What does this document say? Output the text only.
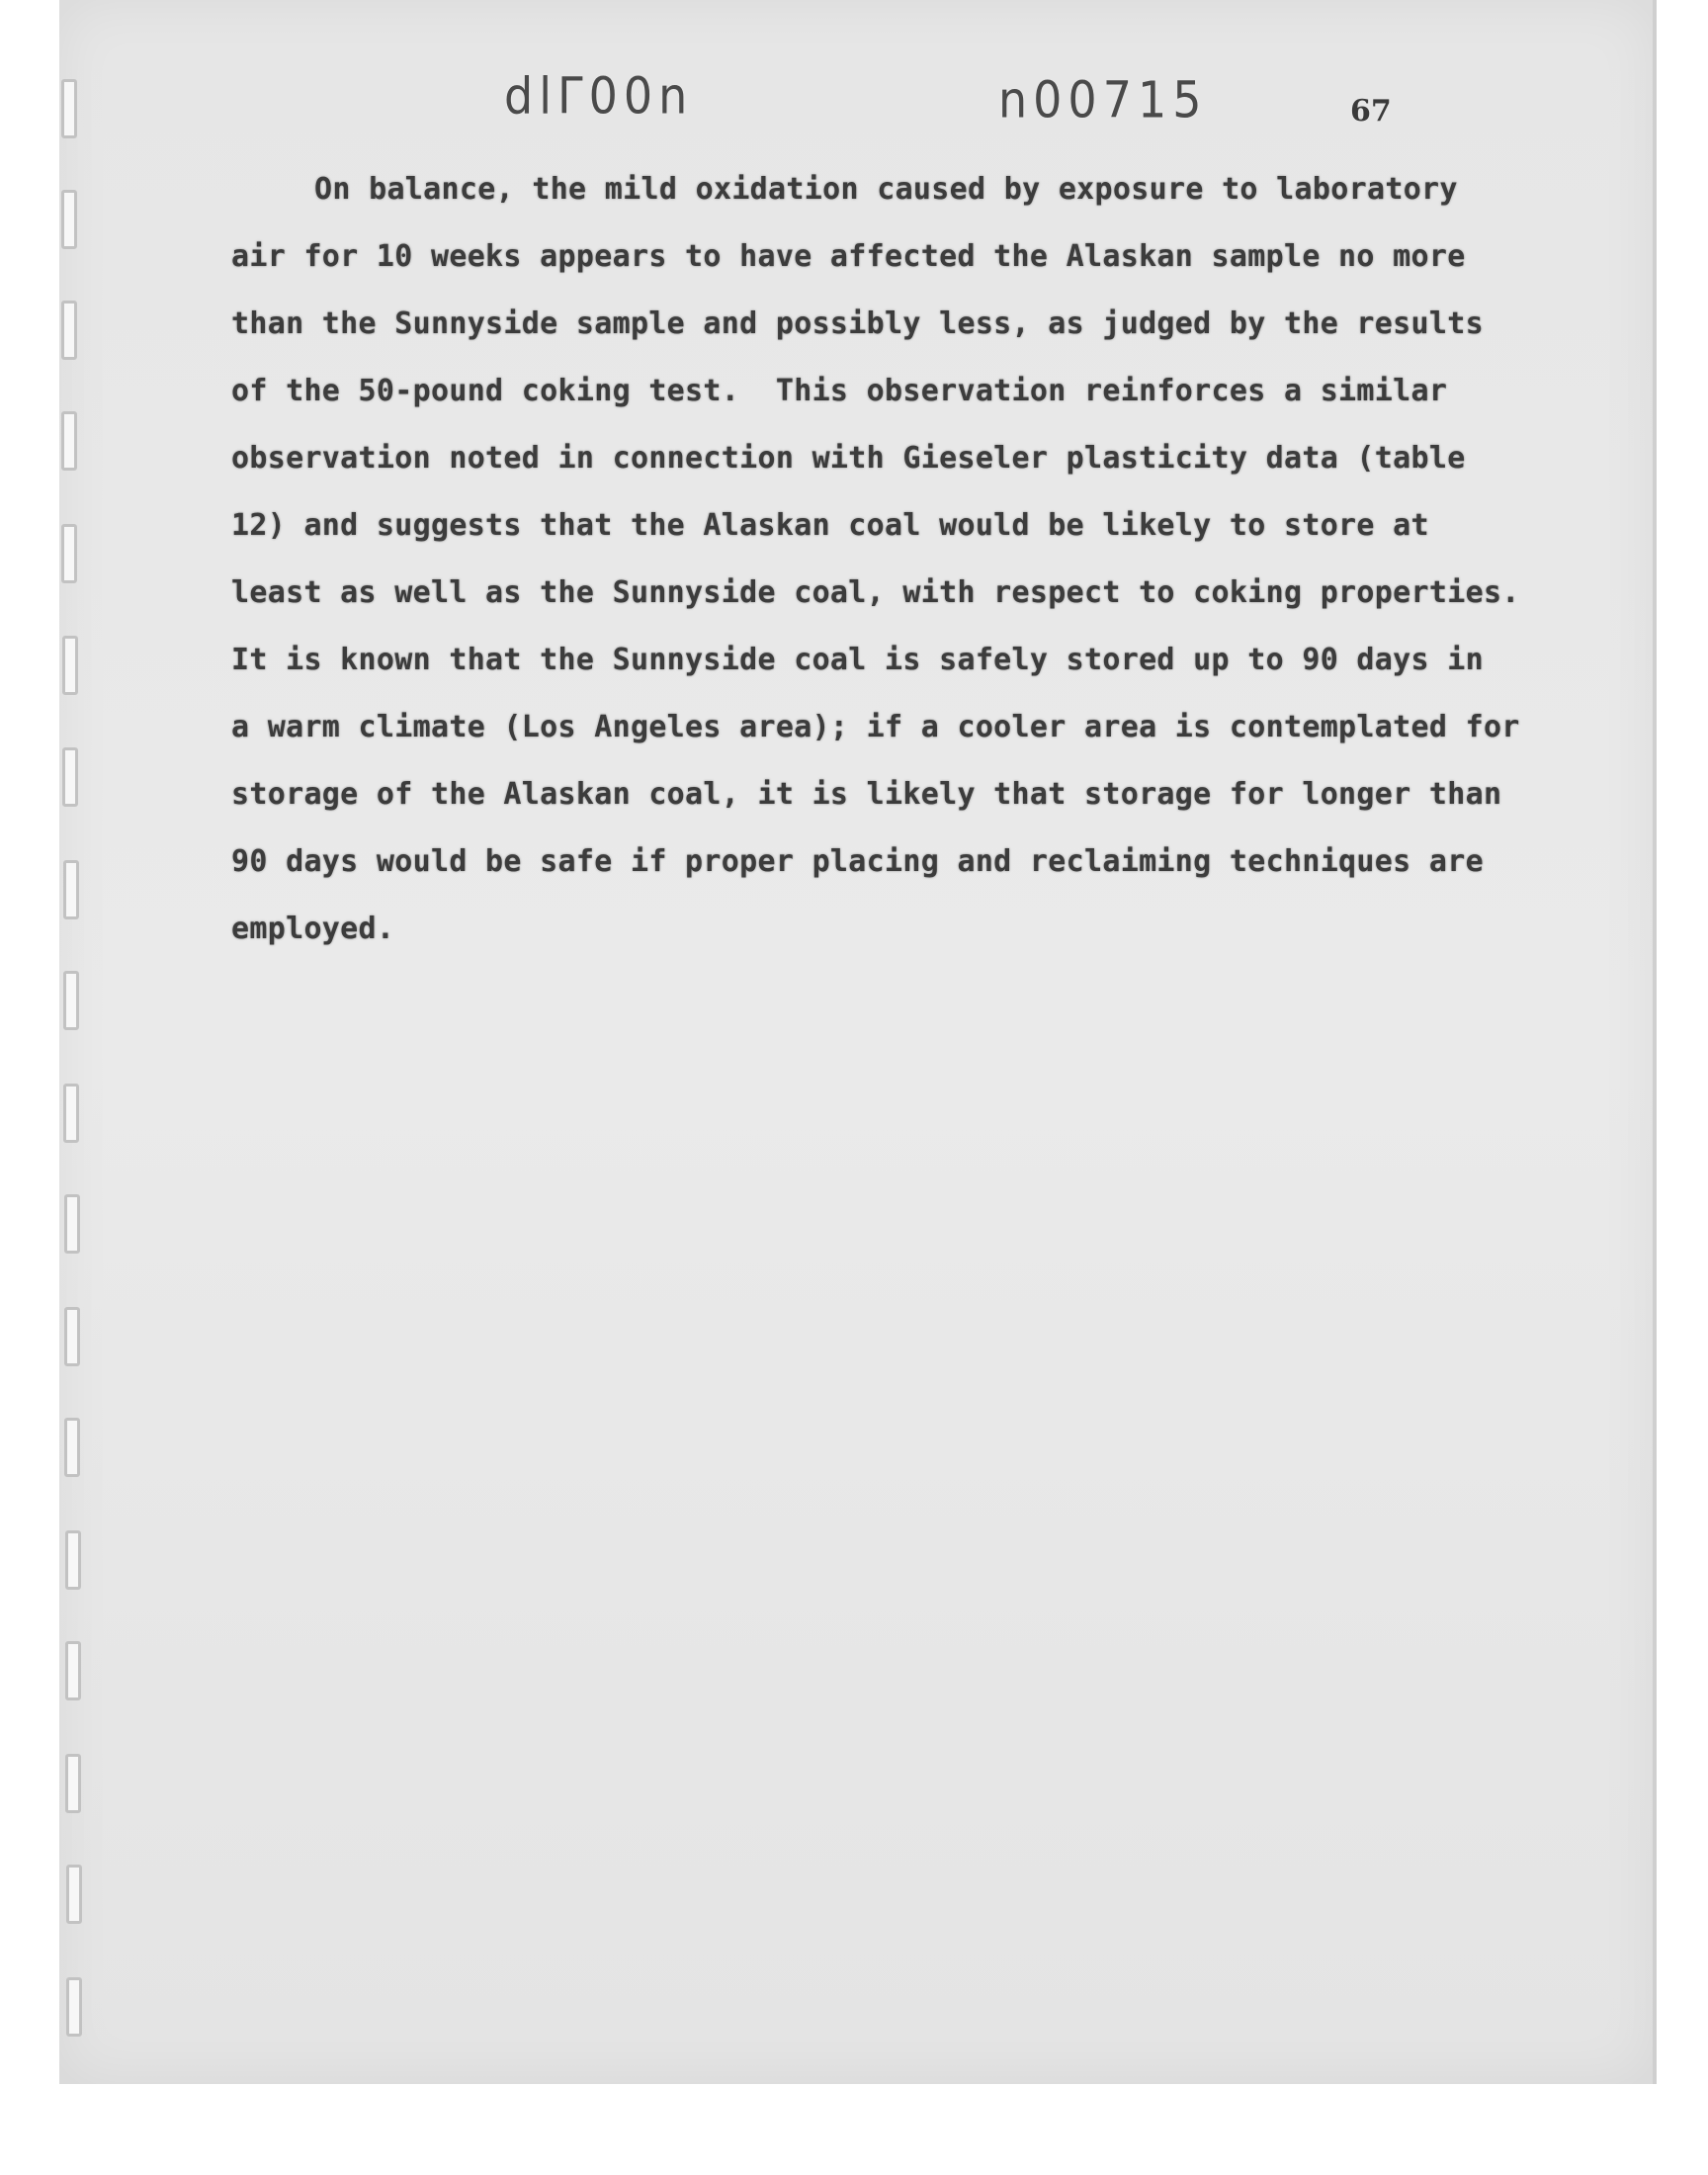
dlΓ00n	n00715	67
On balance, the mild oxidation caused by exposure to laboratory
air for 10 weeks appears to have affected the Alaskan sample no more
than the Sunnyside sample and possibly less, as judged by the results
of the 50-pound coking test.  This observation reinforces a similar
observation noted in connection with Gieseler plasticity data (table
12) and suggests that the Alaskan coal would be likely to store at
least as well as the Sunnyside coal, with respect to coking properties.
It is known that the Sunnyside coal is safely stored up to 90 days in
a warm climate (Los Angeles area); if a cooler area is contemplated for
storage of the Alaskan coal, it is likely that storage for longer than
90 days would be safe if proper placing and reclaiming techniques are
employed.
